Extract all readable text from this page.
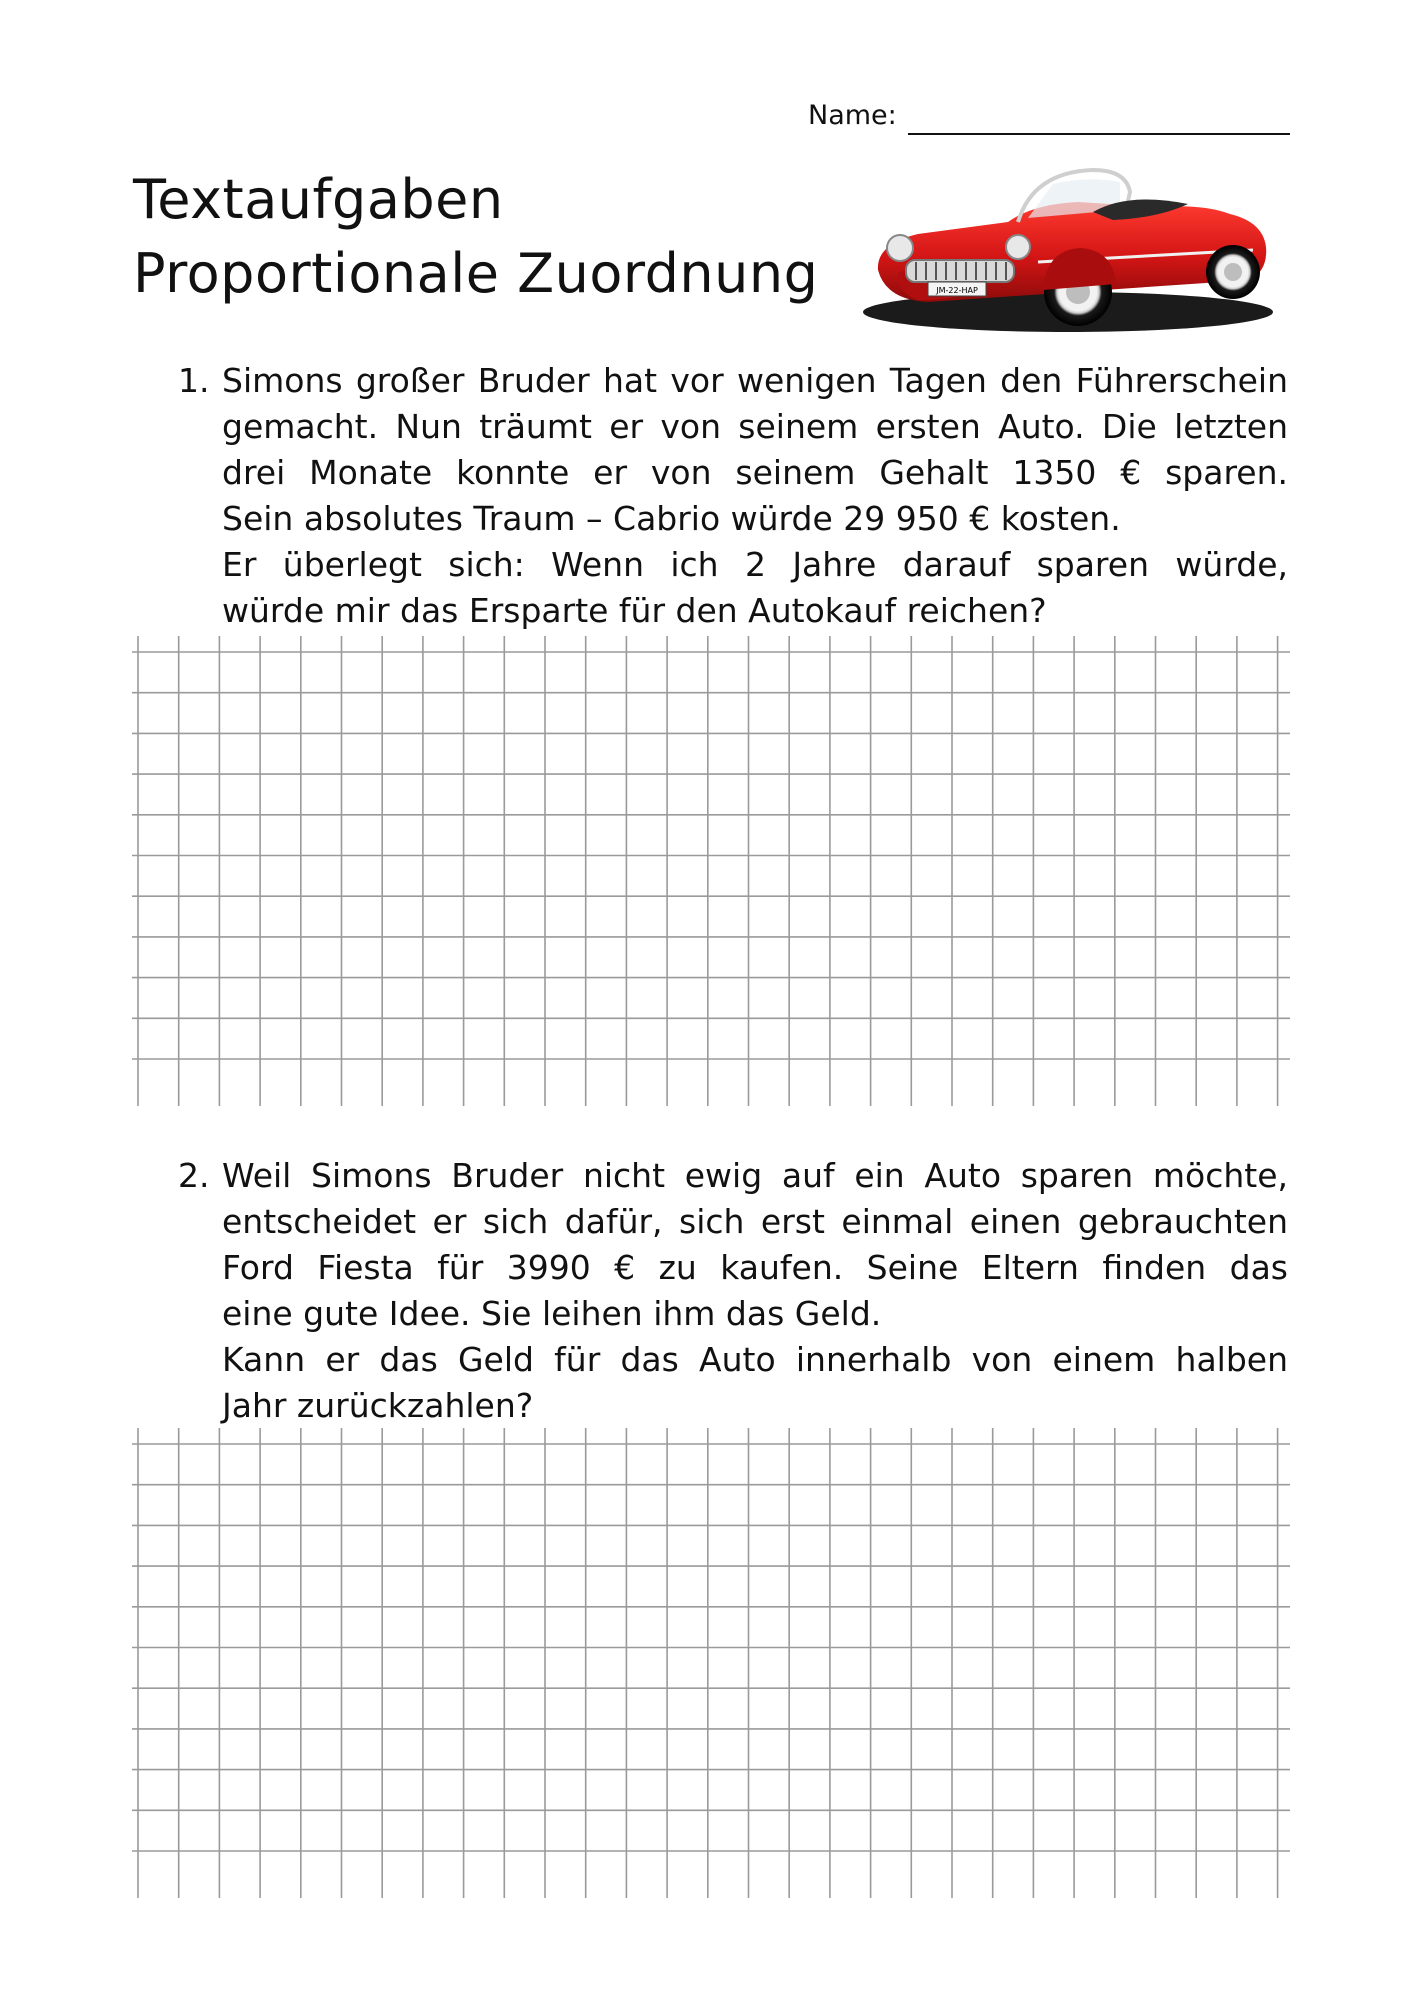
Name:
Textaufgaben
Proportionale Zuordnung	JM-22-HAP
1. Simons großer Bruder hat vor wenigen Tagen den Führerschein
gemacht. Nun träumt er von seinem ersten Auto. Die letzten
drei Monate konnte er von seinem Gehalt 1350 € sparen.
Sein absolutes Traum – Cabrio würde 29 950 € kosten.
Er überlegt sich: Wenn ich 2 Jahre darauf sparen würde,
würde mir das Ersparte für den Autokauf reichen?
2. Weil Simons Bruder nicht ewig auf ein Auto sparen möchte,
entscheidet er sich dafür, sich erst einmal einen gebrauchten
Ford Fiesta für 3990 € zu kaufen. Seine Eltern finden das
eine gute Idee. Sie leihen ihm das Geld.
Kann er das Geld für das Auto innerhalb von einem halben
Jahr zurückzahlen?
